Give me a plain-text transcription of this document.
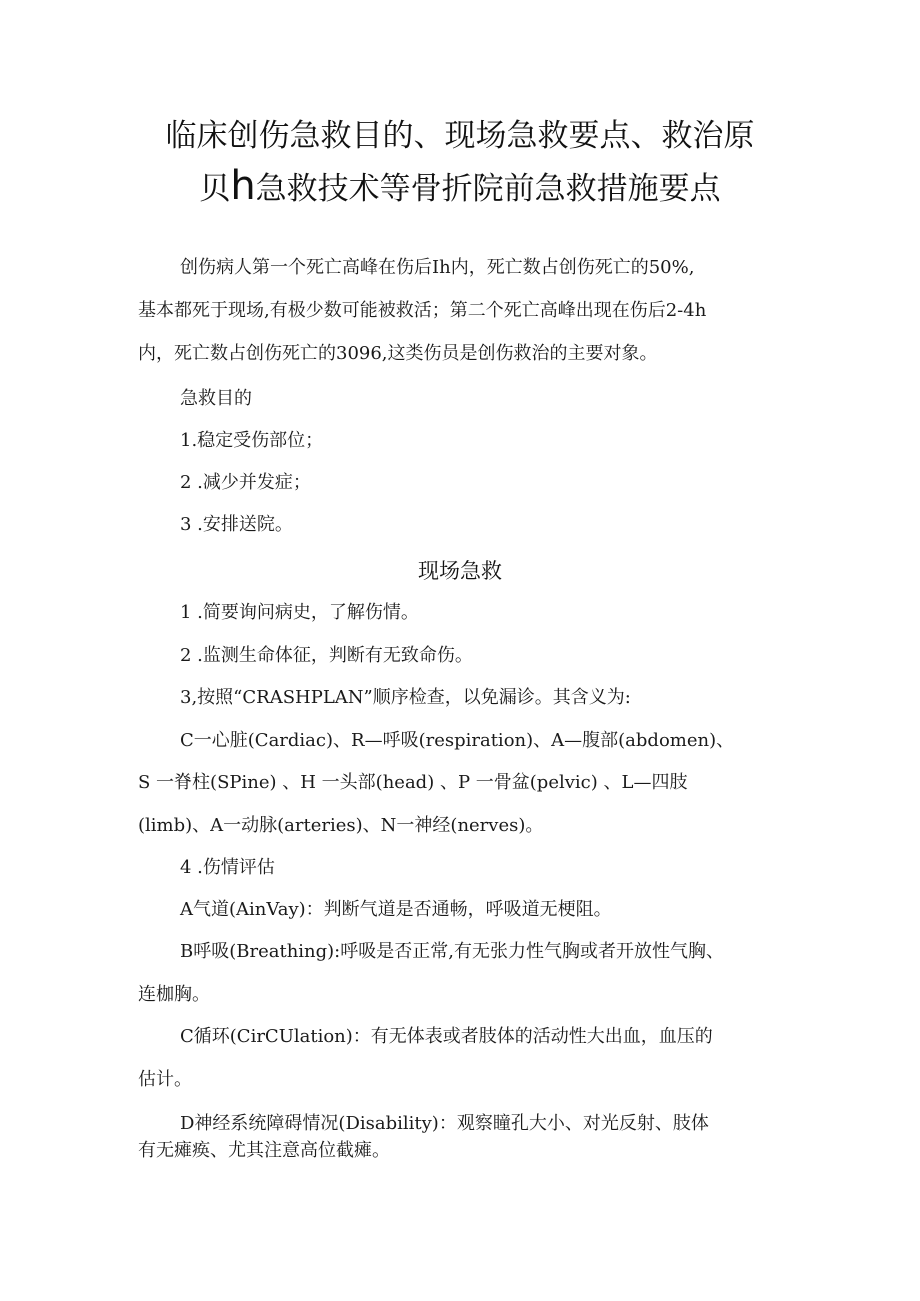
临床创伤急救目的、现场急救要点、救治原
贝h急救技术等骨折院前急救措施要点
创伤病人第一个死亡高峰在伤后Ih内，死亡数占创伤死亡的50%,
基本都死于现场,有极少数可能被救活；第二个死亡高峰出现在伤后2-4h
内，死亡数占创伤死亡的3096,这类伤员是创伤救治的主要对象。
急救目的
1.稳定受伤部位；
2 .减少并发症；
3 .安排送院。
现场急救
1 .简要询问病史，了解伤情。
2 .监测生命体征，判断有无致命伤。
3,按照“CRASHPLAN”顺序检查，以免漏诊。其含义为:
C一心脏(Cardiac)、R—呼吸(respiration)、A—腹部(abdomen)、
S 一脊柱(SPine) 、H 一头部(head) 、P 一骨盆(pelvic) 、L—四肢
(limb)、A一动脉(arteries)、N一神经(nerves)。
4 .伤情评估
A气道(AinVay)：判断气道是否通畅，呼吸道无梗阻。
B呼吸(Breathing):呼吸是否正常,有无张力性气胸或者开放性气胸、
连枷胸。
C循环(CirCUlation)：有无体表或者肢体的活动性大出血，血压的
估计。
D神经系统障碍情况(Disability)：观察瞳孔大小、对光反射、肢体
有无瘫痪、尤其注意高位截瘫。
